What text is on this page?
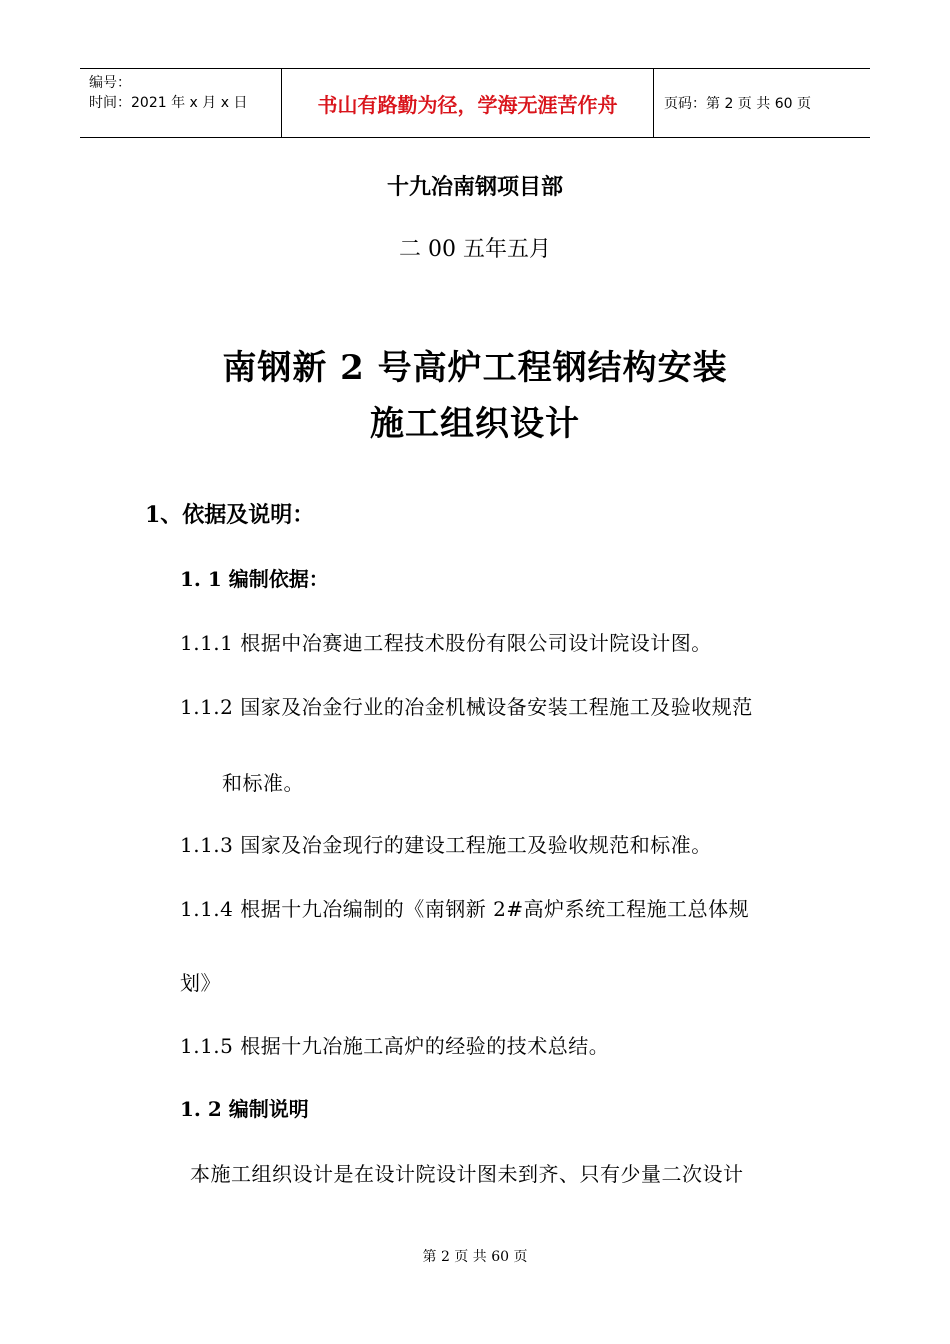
编号：
时间：2021 年 x 月 x 日	书山有路勤为径，学海无涯苦作舟	页码：第 2 页 共 60 页
十九冶南钢项目部
二 00 五年五月
南钢新 2 号高炉工程钢结构安装
施工组织设计
1、依据及说明：
1. 1 编制依据：
1.1.1 根据中冶赛迪工程技术股份有限公司设计院设计图。
1.1.2 国家及冶金行业的冶金机械设备安装工程施工及验收规范
和标准。
1.1.3 国家及冶金现行的建设工程施工及验收规范和标准。
1.1.4 根据十九冶编制的《南钢新 2#高炉系统工程施工总体规
划》
1.1.5 根据十九冶施工高炉的经验的技术总结。
1. 2 编制说明
本施工组织设计是在设计院设计图未到齐、只有少量二次设计
第 2 页 共 60 页
